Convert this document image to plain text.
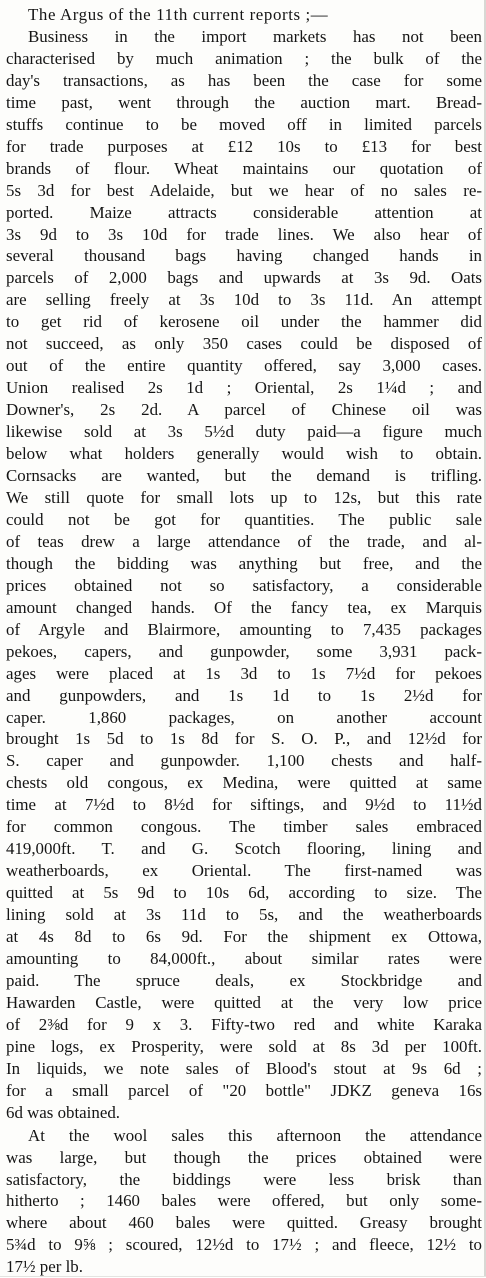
The Argus of the 11th current reports ;—

Business in the import markets has not been

characterised by much animation ; the bulk of the

day's transactions, as has been the case for some

time past, went through the auction mart. Bread-

stuffs continue to be moved off in limited parcels

for trade purposes at £12 10s to £13 for best

brands of flour. Wheat maintains our quotation of

5s 3d for best Adelaide, but we hear of no sales re-

ported. Maize attracts considerable attention at

3s 9d to 3s 10d for trade lines. We also hear of

several thousand bags having changed hands in

parcels of 2,000 bags and upwards at 3s 9d. Oats

are selling freely at 3s 10d to 3s 11d. An attempt

to get rid of kerosene oil under the hammer did

not succeed, as only 350 cases could be disposed of

out of the entire quantity offered, say 3,000 cases.

Union realised 2s 1d ; Oriental, 2s 1¼d ; and

Downer's, 2s 2d. A parcel of Chinese oil was

likewise sold at 3s 5½d duty paid—a figure much

below what holders generally would wish to obtain.

Cornsacks are wanted, but the demand is trifling.

We still quote for small lots up to 12s, but this rate

could not be got for quantities. The public sale

of teas drew a large attendance of the trade, and al-

though the bidding was anything but free, and the

prices obtained not so satisfactory, a considerable

amount changed hands. Of the fancy tea, ex Marquis

of Argyle and Blairmore, amounting to 7,435 packages

pekoes, capers, and gunpowder, some 3,931 pack-

ages were placed at 1s 3d to 1s 7½d for pekoes

and gunpowders, and 1s 1d to 1s 2½d for

caper. 1,860 packages, on another account

brought 1s 5d to 1s 8d for S. O. P., and 12½d for

S. caper and gunpowder. 1,100 chests and half-

chests old congous, ex Medina, were quitted at same

time at 7½d to 8½d for siftings, and 9½d to 11½d

for common congous. The timber sales embraced

419,000ft. T. and G. Scotch flooring, lining and

weatherboards, ex Oriental. The first-named was

quitted at 5s 9d to 10s 6d, according to size. The

lining sold at 3s 11d to 5s, and the weatherboards

at 4s 8d to 6s 9d. For the shipment ex Ottowa,

amounting to 84,000ft., about similar rates were

paid. The spruce deals, ex Stockbridge and

Hawarden Castle, were quitted at the very low price

of 2⅜d for 9 x 3. Fifty-two red and white Karaka

pine logs, ex Prosperity, were sold at 8s 3d per 100ft.

In liquids, we note sales of Blood's stout at 9s 6d ;

for a small parcel of "20 bottle" JDKZ geneva 16s

6d was obtained.

At the wool sales this afternoon the attendance

was large, but though the prices obtained were

satisfactory, the biddings were less brisk than

hitherto ; 1460 bales were offered, but only some-

where about 460 bales were quitted. Greasy brought

5¾d to 9⅝ ; scoured, 12½d to 17½ ; and fleece, 12½ to

17½ per lb.
